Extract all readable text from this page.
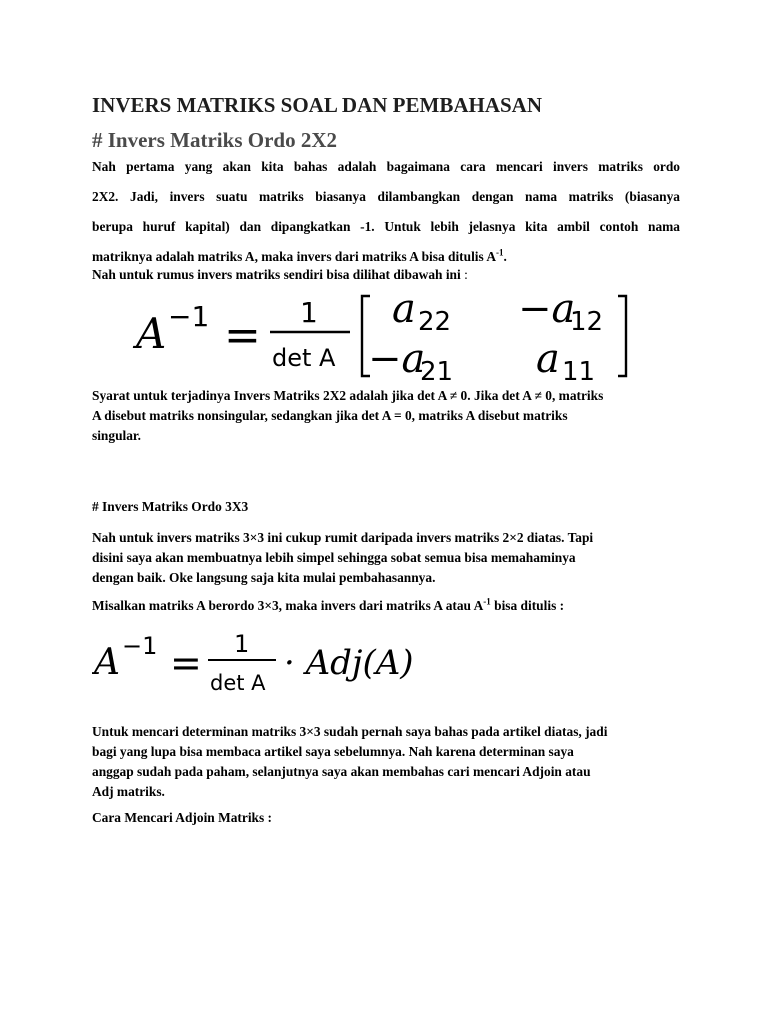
INVERS MATRIKS SOAL DAN PEMBAHASAN
# Invers Matriks Ordo 2X2
Nah pertama yang akan kita bahas adalah bagaimana cara mencari invers matriks ordo
2X2. Jadi, invers suatu matriks biasanya dilambangkan dengan nama matriks (biasanya
berupa huruf kapital) dan dipangkatkan -1. Untuk lebih jelasnya kita ambil contoh nama
matriknya adalah matriks A, maka invers dari matriks A bisa ditulis $A^{-1}$.
Nah untuk rumus invers matriks sendiri bisa dilihat dibawah ini :
A −1 = 1
det A
a 22 −a
12
−a
21 a 11
Syarat untuk terjadinya Invers Matriks 2X2 adalah jika det A ≠ 0. Jika det A ≠ 0, matriks
A disebut matriks nonsingular, sedangkan jika det A = 0, matriks A disebut matriks
singular.
# Invers Matriks Ordo 3X3
Nah untuk invers matriks 3×3 ini cukup rumit daripada invers matriks 2×2 diatas. Tapi
disini saya akan membuatnya lebih simpel sehingga sobat semua bisa memahaminya
dengan baik. Oke langsung saja kita mulai pembahasannya.
Misalkan matriks A berordo 3×3, maka invers dari matriks A atau $A^{-1}$ bisa ditulis :
A −1 = 1
det A · Adj(A)
Untuk mencari determinan matriks 3×3 sudah pernah saya bahas pada artikel diatas, jadi
bagi yang lupa bisa membaca artikel saya sebelumnya. Nah karena determinan saya
anggap sudah pada paham, selanjutnya saya akan membahas cari mencari Adjoin atau
Adj matriks.
Cara Mencari Adjoin Matriks :
